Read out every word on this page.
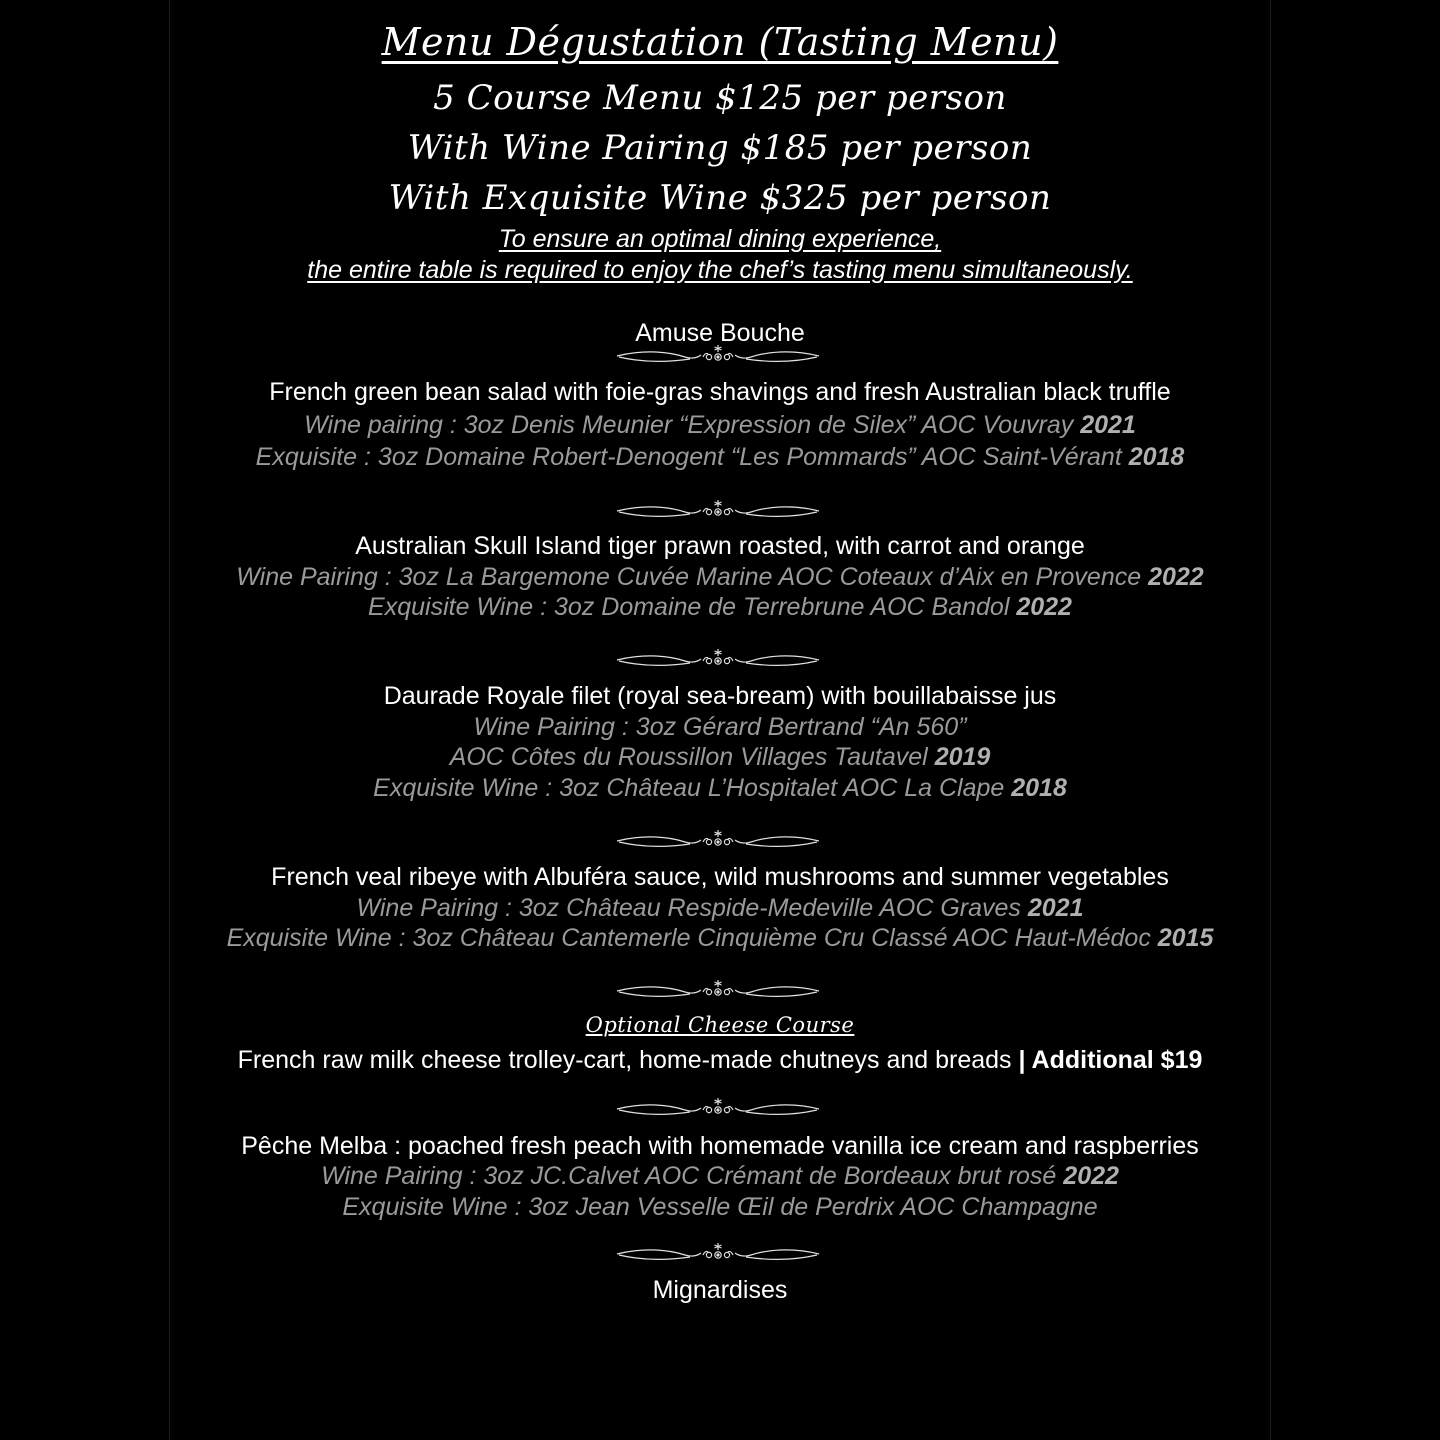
Menu Dégustation (Tasting Menu)
5 Course Menu $125 per person
With Wine Pairing $185 per person
With Exquisite Wine $325 per person
To ensure an optimal dining experience,
the entire table is required to enjoy the chef’s tasting menu simultaneously.
Amuse Bouche
French green bean salad with foie-gras shavings and fresh Australian black truffle
Wine pairing : 3oz Denis Meunier “Expression de Silex” AOC Vouvray 2021
Exquisite : 3oz Domaine Robert-Denogent “Les Pommards” AOC Saint-Vérant 2018
Australian Skull Island tiger prawn roasted, with carrot and orange
Wine Pairing : 3oz La Bargemone Cuvée Marine AOC Coteaux d’Aix en Provence 2022
Exquisite Wine : 3oz Domaine de Terrebrune AOC Bandol 2022
Daurade Royale filet (royal sea-bream) with bouillabaisse jus
Wine Pairing : 3oz Gérard Bertrand “An 560”
AOC Côtes du Roussillon Villages Tautavel 2019
Exquisite Wine : 3oz Château L’Hospitalet AOC La Clape 2018
French veal ribeye with Albuféra sauce, wild mushrooms and summer vegetables
Wine Pairing : 3oz Château Respide-Medeville AOC Graves 2021
Exquisite Wine : 3oz Château Cantemerle Cinquième Cru Classé AOC Haut-Médoc 2015
Optional Cheese Course
French raw milk cheese trolley-cart, home-made chutneys and breads | Additional $19
Pêche Melba : poached fresh peach with homemade vanilla ice cream and raspberries
Wine Pairing : 3oz JC.Calvet AOC Crémant de Bordeaux brut rosé 2022
Exquisite Wine : 3oz Jean Vesselle Œil de Perdrix AOC Champagne
Mignardises
